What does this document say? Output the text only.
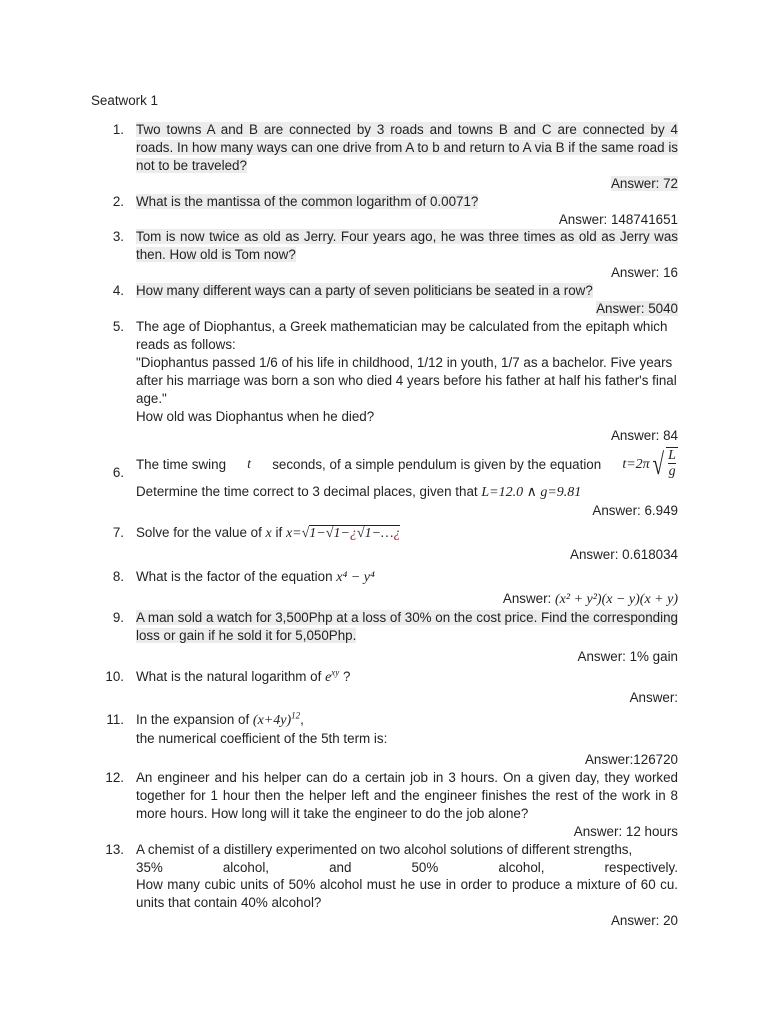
Seatwork 1
1. Two towns A and B are connected by 3 roads and towns B and C are connected by 4 roads. In how many ways can one drive from A to b and return to A via B if the same road is not to be traveled?
Answer: 72
2. What is the mantissa of the common logarithm of 0.0071?
Answer: 148741651
3. Tom is now twice as old as Jerry. Four years ago, he was three times as old as Jerry was then. How old is Tom now?
Answer: 16
4. How many different ways can a party of seven politicians be seated in a row?
Answer: 5040
5. The age of Diophantus, a Greek mathematician may be calculated from the epitaph which reads as follows:
"Diophantus passed 1/6 of his life in childhood, 1/12 in youth, 1/7 as a bachelor. Five years after his marriage was born a son who died 4 years before his father at half his father's final age."
How old was Diophantus when he died?
Answer: 84
6.
The time swing t seconds, of a simple pendulum is given by the equation t=2π √ $\frac{L}{g}$
Determine the time correct to 3 decimal places, given that L=12.0 ∧ g=9.81
Answer: 6.949
7. Solve for the value of x if x=√1−√1−¿√1−…¿
Answer: 0.618034
8. What is the factor of the equation x⁴ − y⁴
Answer: (x² + y²)(x − y)(x + y)
9. A man sold a watch for 3,500Php at a loss of 30% on the cost price. Find the corresponding loss or gain if he sold it for 5,050Php.
Answer: 1% gain
10. What is the natural logarithm of $e^{xy}$ ?
Answer:
11. In the expansion of $(x+4y)^{12}$,
the numerical coefficient of the 5th term is:
Answer:126720
12. An engineer and his helper can do a certain job in 3 hours. On a given day, they worked together for 1 hour then the helper left and the engineer finishes the rest of the work in 8 more hours. How long will it take the engineer to do the job alone?
Answer: 12 hours
13. A chemist of a distillery experimented on two alcohol solutions of different strengths,
35%	alcohol,	and	50%	alcohol,	respectively.
How many cubic units of 50% alcohol must he use in order to produce a mixture of 60 cu. units that contain 40% alcohol?
Answer: 20
